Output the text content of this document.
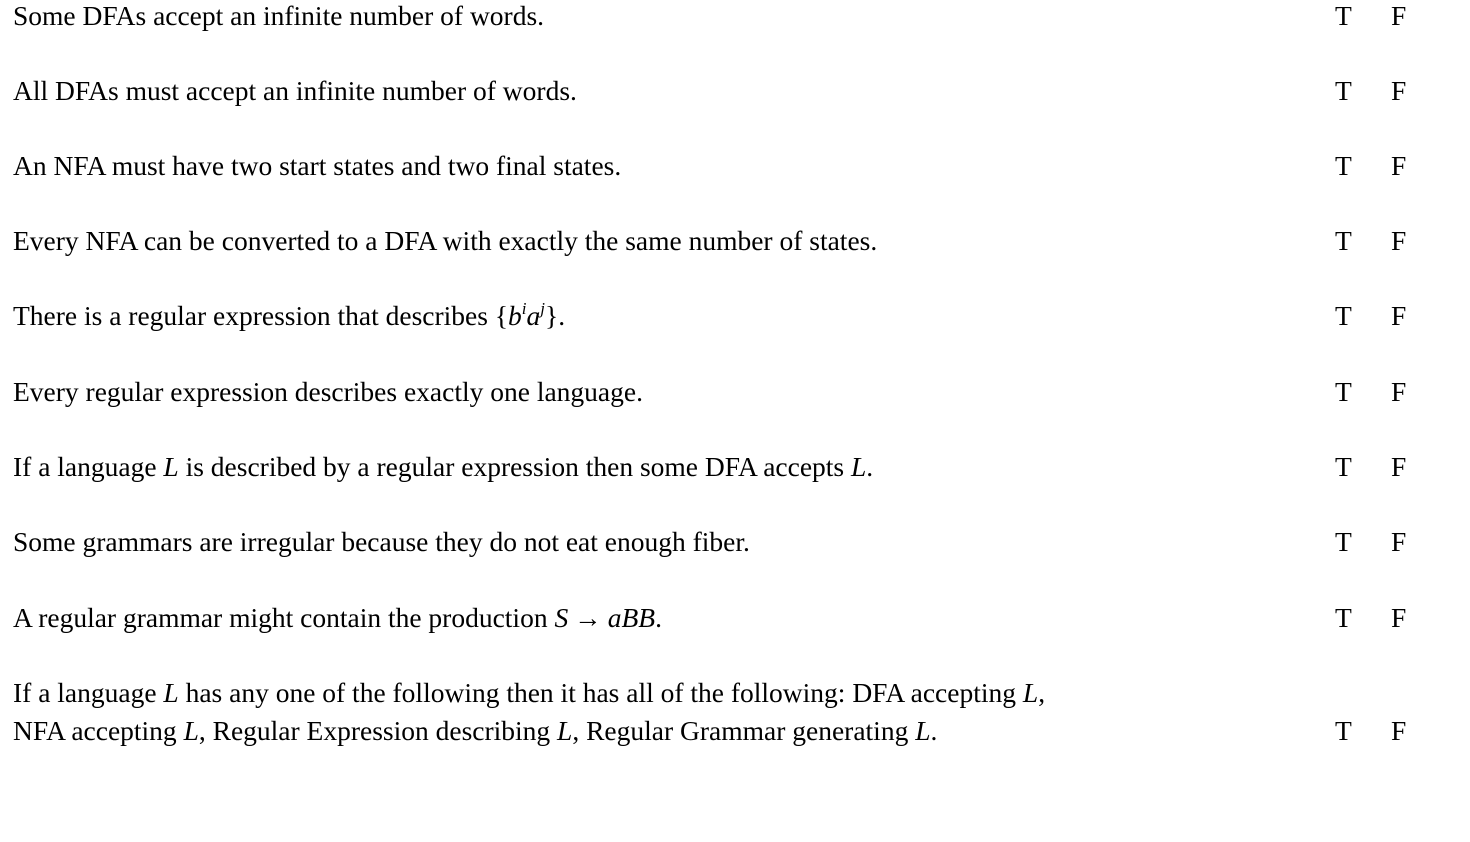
Some DFAs accept an infinite number of words.	T F
All DFAs must accept an infinite number of words.	T F
An NFA must have two start states and two final states.	T F
Every NFA can be converted to a DFA with exactly the same number of states.	T F
There is a regular expression that describes $\{b^ia^j\}$.	T F
Every regular expression describes exactly one language.	T F
If a language L is described by a regular expression then some DFA accepts L.	T F
Some grammars are irregular because they do not eat enough fiber.	T F
A regular grammar might contain the production S → aBB.	T F
If a language L has any one of the following then it has all of the following: DFA accepting L,
NFA accepting L, Regular Expression describing L, Regular Grammar generating L.	T F
